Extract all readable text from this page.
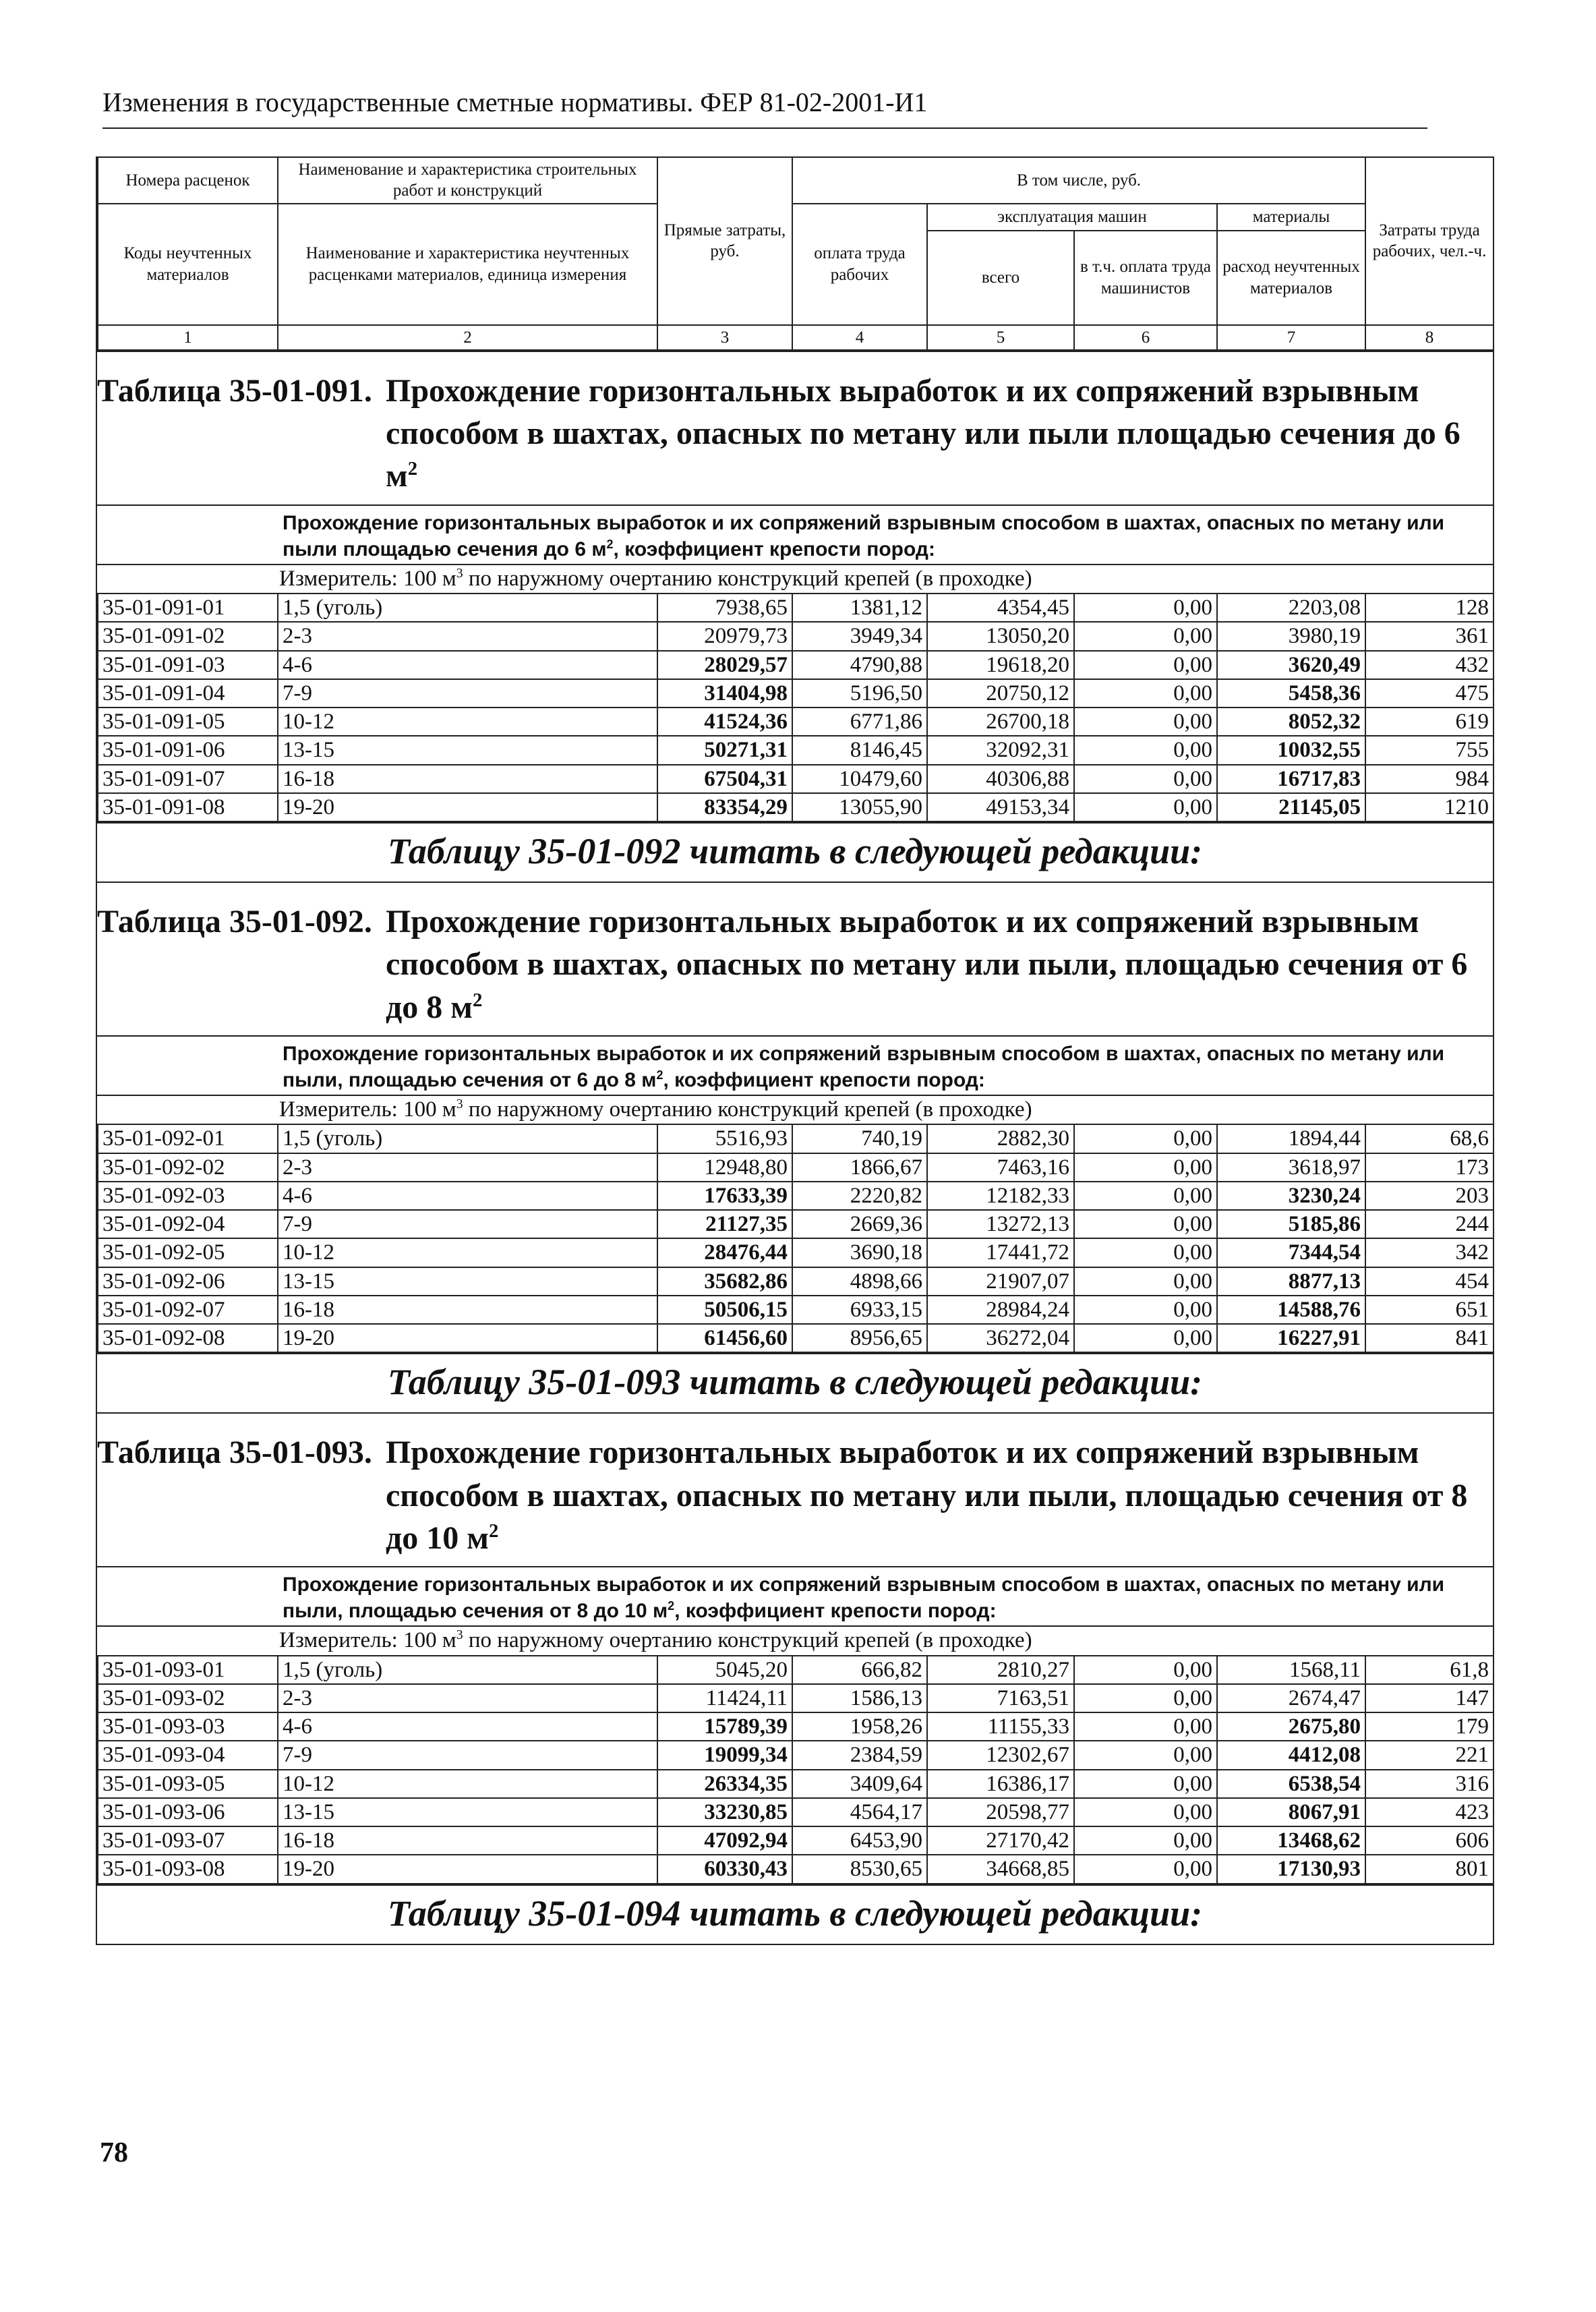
Изменения в государственные сметные нормативы. ФЕР 81-02-2001-И1
Номера расценок	Наименование и характеристика строительных работ и конструкций	Прямые затраты, руб.	В том числе, руб.				Затраты труда рабочих, чел.-ч.
Коды неучтенных материалов	Наименование и характеристика неучтенных расценками материалов, единица измерения		оплата труда рабочих	эксплуатация машин		материалы	
				всего	в т.ч. оплата труда машинистов	расход неучтенных материалов	
1	2	3	4	5	6	7	8
Таблица 35-01-091. Прохождение горизонтальных выработок и их сопряжений взрывным способом в шахтах, опасных по метану или пыли площадью сечения до 6 $м^2$
Прохождение горизонтальных выработок и их сопряжений взрывным способом в шахтах, опасных по метану или пыли площадью сечения до 6 $м^2$, коэффициент крепости пород:
Измеритель: 100 $м^3$ по наружному очертанию конструкций крепей (в проходке)
35-01-091-01	1,5 (уголь)	7938,65	1381,12	4354,45	0,00	2203,08	128
35-01-091-02	2-3	20979,73	3949,34	13050,20	0,00	3980,19	361
35-01-091-03	4-6	28029,57	4790,88	19618,20	0,00	3620,49	432
35-01-091-04	7-9	31404,98	5196,50	20750,12	0,00	5458,36	475
35-01-091-05	10-12	41524,36	6771,86	26700,18	0,00	8052,32	619
35-01-091-06	13-15	50271,31	8146,45	32092,31	0,00	10032,55	755
35-01-091-07	16-18	67504,31	10479,60	40306,88	0,00	16717,83	984
35-01-091-08	19-20	83354,29	13055,90	49153,34	0,00	21145,05	1210
Таблицу 35-01-092 читать в следующей редакции:
Таблица 35-01-092. Прохождение горизонтальных выработок и их сопряжений взрывным способом в шахтах, опасных по метану или пыли, площадью сечения от 6 до 8 $м^2$
Прохождение горизонтальных выработок и их сопряжений взрывным способом в шахтах, опасных по метану или пыли, площадью сечения от 6 до 8 $м^2$, коэффициент крепости пород:
Измеритель: 100 $м^3$ по наружному очертанию конструкций крепей (в проходке)
35-01-092-01	1,5 (уголь)	5516,93	740,19	2882,30	0,00	1894,44	68,6
35-01-092-02	2-3	12948,80	1866,67	7463,16	0,00	3618,97	173
35-01-092-03	4-6	17633,39	2220,82	12182,33	0,00	3230,24	203
35-01-092-04	7-9	21127,35	2669,36	13272,13	0,00	5185,86	244
35-01-092-05	10-12	28476,44	3690,18	17441,72	0,00	7344,54	342
35-01-092-06	13-15	35682,86	4898,66	21907,07	0,00	8877,13	454
35-01-092-07	16-18	50506,15	6933,15	28984,24	0,00	14588,76	651
35-01-092-08	19-20	61456,60	8956,65	36272,04	0,00	16227,91	841
Таблицу 35-01-093 читать в следующей редакции:
Таблица 35-01-093. Прохождение горизонтальных выработок и их сопряжений взрывным способом в шахтах, опасных по метану или пыли, площадью сечения от 8 до 10 $м^2$
Прохождение горизонтальных выработок и их сопряжений взрывным способом в шахтах, опасных по метану или пыли, площадью сечения от 8 до 10 $м^2$, коэффициент крепости пород:
Измеритель: 100 $м^3$ по наружному очертанию конструкций крепей (в проходке)
35-01-093-01	1,5 (уголь)	5045,20	666,82	2810,27	0,00	1568,11	61,8
35-01-093-02	2-3	11424,11	1586,13	7163,51	0,00	2674,47	147
35-01-093-03	4-6	15789,39	1958,26	11155,33	0,00	2675,80	179
35-01-093-04	7-9	19099,34	2384,59	12302,67	0,00	4412,08	221
35-01-093-05	10-12	26334,35	3409,64	16386,17	0,00	6538,54	316
35-01-093-06	13-15	33230,85	4564,17	20598,77	0,00	8067,91	423
35-01-093-07	16-18	47092,94	6453,90	27170,42	0,00	13468,62	606
35-01-093-08	19-20	60330,43	8530,65	34668,85	0,00	17130,93	801
Таблицу 35-01-094 читать в следующей редакции:
78
